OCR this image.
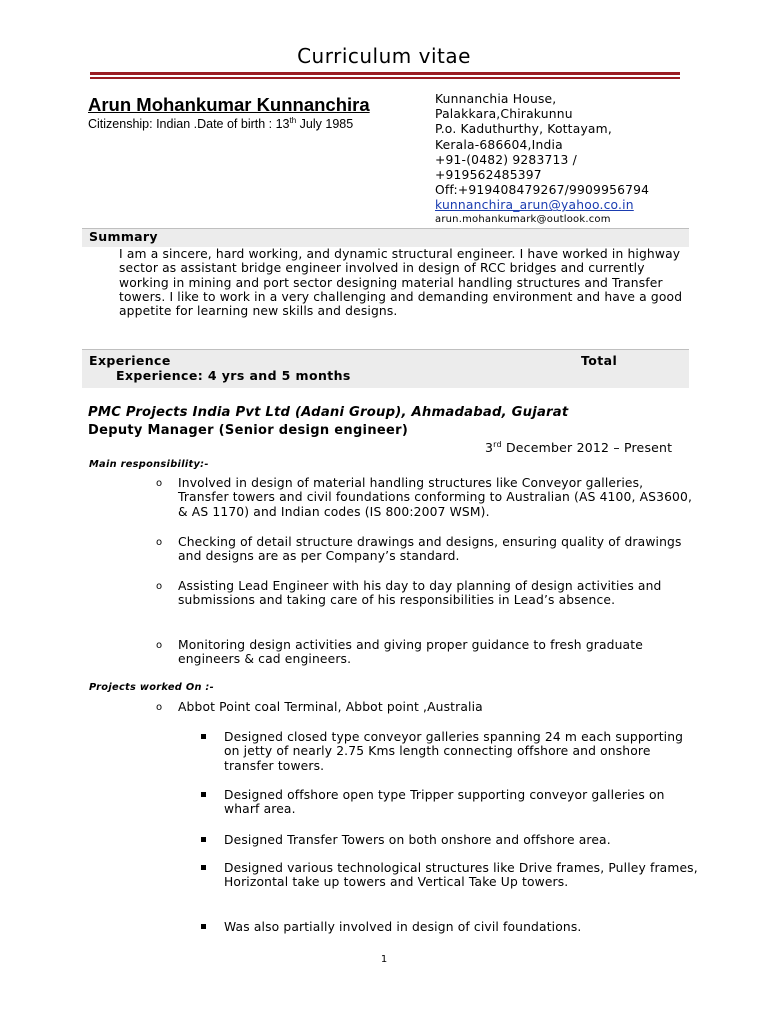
Curriculum vitae
Arun Mohankumar Kunnanchira
Citizenship: Indian .Date of birth : 13th July 1985
Kunnanchia House,
Palakkara,Chirakunnu
P.o. Kaduthurthy, Kottayam,
Kerala-686604,India
+91-(0482) 9283713 /
+919562485397
Off:+919408479267/9909956794
kunnanchira_arun@yahoo.co.in
arun.mohankumark@outlook.com
Summary
I am a sincere, hard working, and dynamic structural engineer. I have worked in highway sector as assistant bridge engineer involved in design of RCC bridges and currently working in mining and port sector designing material handling structures and Transfer towers. I like to work in a very challenging and demanding environment and have a good appetite for learning new skills and designs.
Experience	Total
Experience: 4 yrs and 5 months
PMC Projects India Pvt Ltd (Adani Group), Ahmadabad, Gujarat
Deputy Manager (Senior design engineer)
3rd December 2012 – Present
Main responsibility:-
o	Involved in design of material handling structures like Conveyor galleries, Transfer towers and civil foundations conforming to Australian (AS 4100, AS3600, & AS 1170) and Indian codes (IS 800:2007 WSM).
o	Checking of detail structure drawings and designs, ensuring quality of drawings and designs are as per Company’s standard.
o	Assisting Lead Engineer with his day to day planning of design activities and submissions and taking care of his responsibilities in Lead’s absence.
o	Monitoring design activities and giving proper guidance to fresh graduate engineers & cad engineers.
Projects worked On :-
o	Abbot Point coal Terminal, Abbot point ,Australia
Designed closed type conveyor galleries spanning 24 m each supporting on jetty of nearly 2.75 Kms length connecting offshore and onshore transfer towers.
Designed offshore open type Tripper supporting conveyor galleries on wharf area.
Designed Transfer Towers on both onshore and offshore area.
Designed various technological structures like Drive frames, Pulley frames, Horizontal take up towers and Vertical Take Up towers.
Was also partially involved in design of civil foundations.
1
